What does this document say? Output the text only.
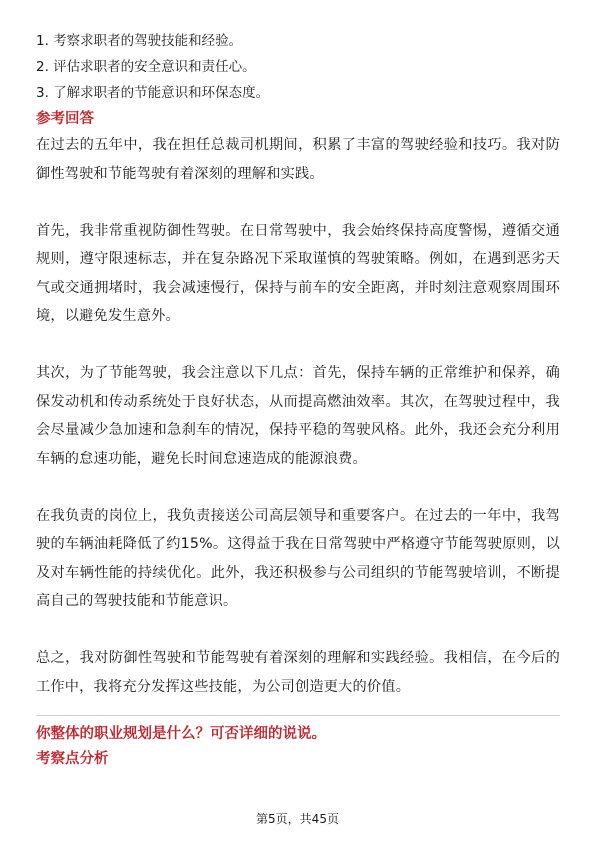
1. 考察求职者的驾驶技能和经验。

2. 评估求职者的安全意识和责任心。

3. 了解求职者的节能意识和环保态度。

参考回答

在过去的五年中，我在担任总裁司机期间，积累了丰富的驾驶经验和技巧。我对防御性驾驶和节能驾驶有着深刻的理解和实践。

首先，我非常重视防御性驾驶。在日常驾驶中，我会始终保持高度警惕，遵循交通规则，遵守限速标志，并在复杂路况下采取谨慎的驾驶策略。例如，在遇到恶劣天气或交通拥堵时，我会减速慢行，保持与前车的安全距离，并时刻注意观察周围环境，以避免发生意外。

其次，为了节能驾驶，我会注意以下几点：首先，保持车辆的正常维护和保养，确保发动机和传动系统处于良好状态，从而提高燃油效率。其次，在驾驶过程中，我会尽量减少急加速和急刹车的情况，保持平稳的驾驶风格。此外，我还会充分利用车辆的怠速功能，避免长时间怠速造成的能源浪费。

在我负责的岗位上，我负责接送公司高层领导和重要客户。在过去的一年中，我驾驶的车辆油耗降低了约15%。这得益于我在日常驾驶中严格遵守节能驾驶原则，以及对车辆性能的持续优化。此外，我还积极参与公司组织的节能驾驶培训，不断提高自己的驾驶技能和节能意识。

总之，我对防御性驾驶和节能驾驶有着深刻的理解和实践经验。我相信，在今后的工作中，我将充分发挥这些技能，为公司创造更大的价值。

你整体的职业规划是什么？可否详细的说说。

考察点分析

第5页，共45页
